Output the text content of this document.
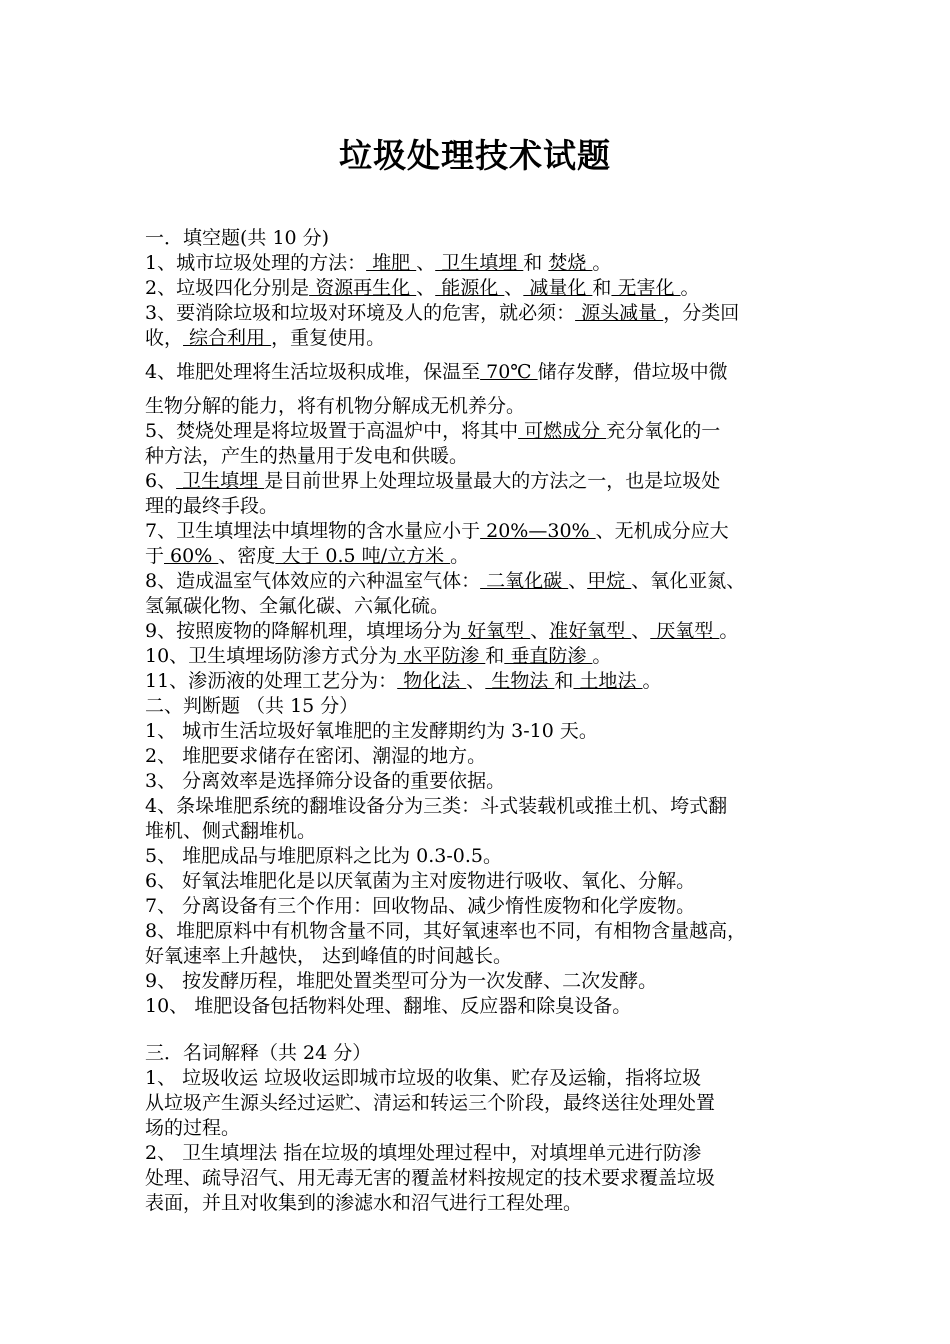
垃圾处理技术试题
一．填空题(共 10 分)
1、城市垃圾处理的方法： 堆肥 、 卫生填埋 和 焚烧 。
2、垃圾四化分别是 资源再生化 、 能源化 、 减量化 和 无害化 。
3、要消除垃圾和垃圾对环境及人的危害，就必须： 源头减量 ，分类回
收， 综合利用 ，重复使用。
4、堆肥处理将生活垃圾积成堆，保温至 70℃ 储存发酵，借垃圾中微
生物分解的能力，将有机物分解成无机养分。
5、焚烧处理是将垃圾置于高温炉中，将其中 可燃成分 充分氧化的一
种方法，产生的热量用于发电和供暖。
6、 卫生填埋 是目前世界上处理垃圾量最大的方法之一，也是垃圾处
理的最终手段。
7、卫生填埋法中填埋物的含水量应小于 20%—30% 、无机成分应大
于 60% 、密度 大于 0.5 吨/立方米 。
8、造成温室气体效应的六种温室气体： 二氧化碳 、甲烷 、氧化亚氮、
氢氟碳化物、全氟化碳、六氟化硫。
9、按照废物的降解机理，填埋场分为 好氧型 、准好氧型 、 厌氧型 。
10、卫生填埋场防渗方式分为 水平防渗 和 垂直防渗 。
11、渗沥液的处理工艺分为： 物化法 、 生物法 和 土地法 。
二、判断题 （共 15 分）
1、 城市生活垃圾好氧堆肥的主发酵期约为 3-10 天。
2、 堆肥要求储存在密闭、潮湿的地方。
3、 分离效率是选择筛分设备的重要依据。
4、条垛堆肥系统的翻堆设备分为三类：斗式装载机或推土机、垮式翻
堆机、侧式翻堆机。
5、 堆肥成品与堆肥原料之比为 0.3-0.5。
6、 好氧法堆肥化是以厌氧菌为主对废物进行吸收、氧化、分解。
7、 分离设备有三个作用：回收物品、减少惰性废物和化学废物。
8、堆肥原料中有机物含量不同，其好氧速率也不同，有相物含量越高，
好氧速率上升越快， 达到峰值的时间越长。
9、 按发酵历程，堆肥处置类型可分为一次发酵、二次发酵。
10、 堆肥设备包括物料处理、翻堆、反应器和除臭设备。
三．名词解释（共 24 分）
1、 垃圾收运 垃圾收运即城市垃圾的收集、贮存及运输，指将垃圾
从垃圾产生源头经过运贮、清运和转运三个阶段，最终送往处理处置
场的过程。
2、 卫生填埋法 指在垃圾的填埋处理过程中，对填埋单元进行防渗
处理、疏导沼气、用无毒无害的覆盖材料按规定的技术要求覆盖垃圾
表面，并且对收集到的渗滤水和沼气进行工程处理。
